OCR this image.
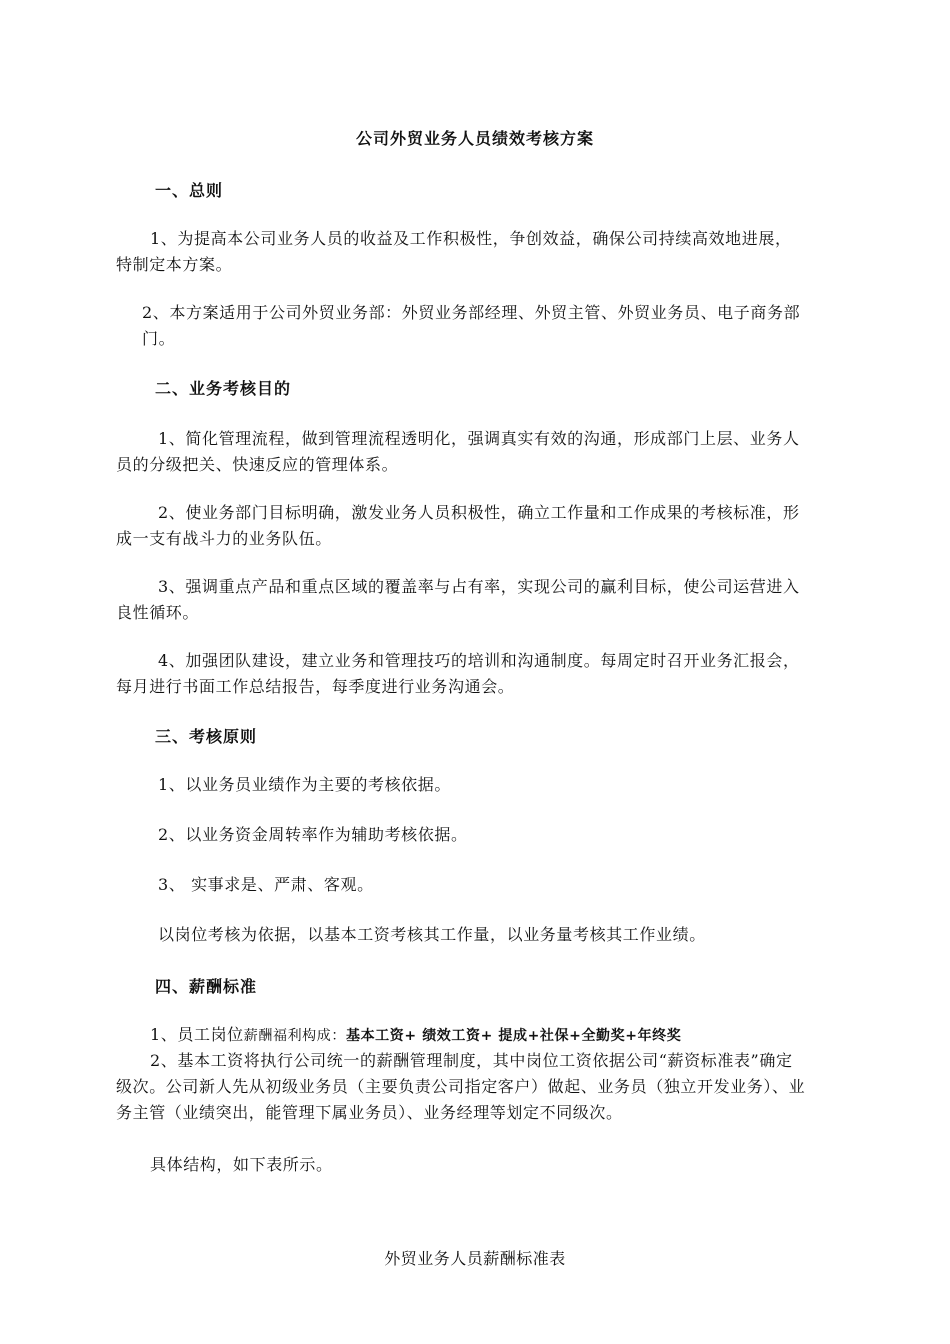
公司外贸业务人员绩效考核方案
一、总则
1、为提高本公司业务人员的收益及工作积极性，争创效益，确保公司持续高效地进展，特制定本方案。
2、本方案适用于公司外贸业务部：外贸业务部经理、外贸主管、外贸业务员、电子商务部门。
二、业务考核目的
1、简化管理流程，做到管理流程透明化，强调真实有效的沟通，形成部门上层、业务人员的分级把关、快速反应的管理体系。
2、使业务部门目标明确，激发业务人员积极性，确立工作量和工作成果的考核标准，形成一支有战斗力的业务队伍。
3、强调重点产品和重点区域的覆盖率与占有率，实现公司的赢利目标，使公司运营进入良性循环。
4、加强团队建设，建立业务和管理技巧的培训和沟通制度。每周定时召开业务汇报会，每月进行书面工作总结报告，每季度进行业务沟通会。
三、考核原则
1、以业务员业绩作为主要的考核依据。
2、以业务资金周转率作为辅助考核依据。
3、 实事求是、严肃、客观。
以岗位考核为依据，以基本工资考核其工作量，以业务量考核其工作业绩。
四、薪酬标准
1、员工岗位薪酬福利构成：基本工资+ 绩效工资+ 提成+社保+全勤奖+年终奖
2、基本工资将执行公司统一的薪酬管理制度，其中岗位工资依据公司“薪资标准表”确定级次。公司新人先从初级业务员（主要负责公司指定客户）做起、业务员（独立开发业务）、业务主管（业绩突出，能管理下属业务员）、业务经理等划定不同级次。
具体结构，如下表所示。
外贸业务人员薪酬标准表
